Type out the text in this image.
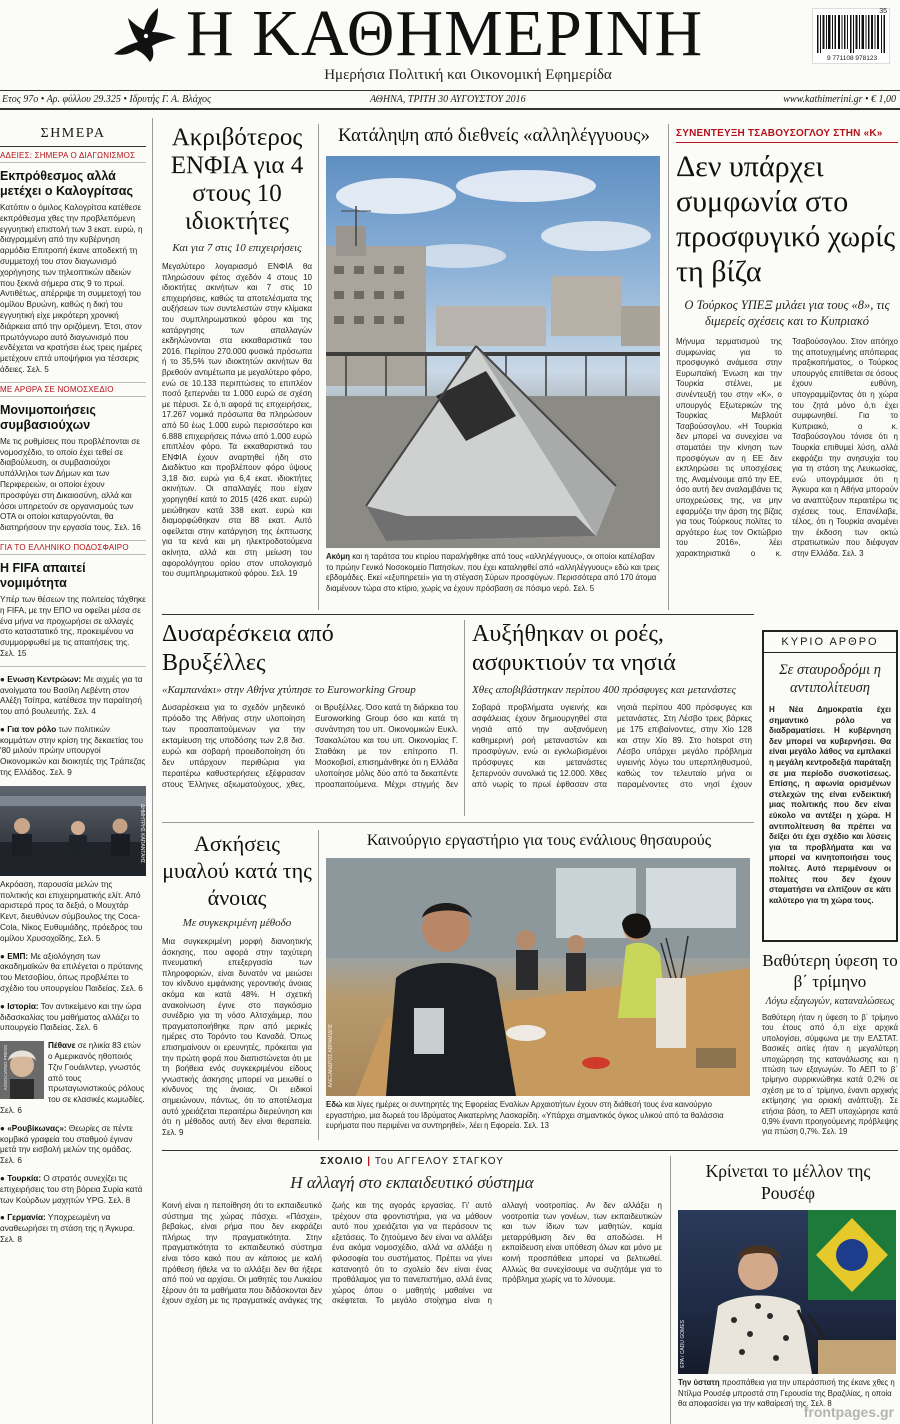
Η ΚΑΘΗΜΕΡΙΝΗ
Ημερήσια Πολιτική και Οικονομική Εφημερίδα
35
9 771108 978123
Ετος 97ο • Αρ. φύλλου 29.325 • Ιδρυτής Γ. Α. Βλάχος	ΑΘΗΝΑ, ΤΡΙΤΗ 30 ΑΥΓΟΥΣΤΟΥ 2016	www.kathimerini.gr • € 1,00
ΣΗΜΕΡΑ
ΑΔΕΙΕΣ: ΣΗΜΕΡΑ Ο ΔΙΑΓΩΝΙΣΜΟΣ
Εκπρόθεσμος αλλά μετέχει ο Καλογρίτσας
Κατόπιν ο όμιλος Καλογρίτσα κατέθεσε εκπρόθεσμα χθες την προβλεπόμενη εγγυητική επιστολή των 3 εκατ. ευρώ, η διαγραμμένη από την κυβέρνηση αρμόδια Επιτροπή έκανε αποδεκτή τη συμμετοχή του στον διαγωνισμό χορήγησης των τηλεοπτικών αδειών που ξεκινά σήμερα στις 9 το πρωί. Αντιθέτως, απέρριψε τη συμμετοχή του ομίλου Βρυώνη, καθώς η δική του εγγυητική είχε μικρότερη χρονική διάρκεια από την οριζόμενη. Έτσι, στον πρωτόγνωρο αυτό διαγωνισμό που ενδέχεται να κρατήσει έως τρεις ημέρες μετέχουν επτά υποψήφιοι για τέσσερις άδειες. Σελ. 5
ΜΕ ΑΡΘΡΑ ΣΕ ΝΟΜΟΣΧΕΔΙΟ
Μονιμοποιήσεις συμβασιούχων
Με τις ρυθμίσεις που προβλέπονται σε νομοσχέδιο, το οποίο έχει τεθεί σε διαβούλευση, οι συμβασιούχοι υπάλληλοι των Δήμων και των Περιφερειών, οι οποίοι έχουν προσφύγει στη Δικαιοσύνη, αλλά και όσοι υπηρετούν σε οργανισμούς των ΟΤΑ οι οποίοι καταργούνται, θα διατηρήσουν την εργασία τους. Σελ. 16
ΓΙΑ ΤΟ ΕΛΛΗΝΙΚΟ ΠΟΔΟΣΦΑΙΡΟ
Η FIFA απαιτεί νομιμότητα
Υπέρ των θέσεων της πολιτείας τάχθηκε η FIFA, με την ΕΠΟ να οφείλει μέσα σε ένα μήνα να προχωρήσει σε αλλαγές στο καταστατικό της, προκειμένου να συμμορφωθεί με τις απαιτήσεις της. Σελ. 15
● Ενωση Κεντρώων: Με αιχμές για τα ανοίγματα του Βασίλη Λεβέντη στον Αλέξη Τσίπρα, κατέθεσε την παραίτησή του από βουλευτής. Σελ. 4
● Για τον ρόλο των πολιτικών κομμάτων στην κρίση της δεκαετίας του '80 μιλούν πρώην υπουργοί Οικονομικών και διοικητές της Τράπεζας της Ελλάδος. Σελ. 9
ΔΗΜΗΤΡΗΣ ΚΑΠΑΝΤΑΗΣ
Ακρόαση, παρουσία μελών της πολιτικής και επιχειρηματικής ελίτ. Από αριστερά προς τα δεξιά, ο Μουχτάρ Κεντ, διευθύνων σύμβουλος της Coca-Cola, Νίκος Ευθυμιάδης, πρόεδρος του ομίλου Χρυσοχοΐδης, Σελ. 5
● ΕΜΠ: Με αξιολόγηση των ακαδημαϊκών θα επιλέγεται ο πρύτανης του Μετσοβίου, όπως προβλέπει το σχέδιο του υπουργείου Παιδείας. Σελ. 6
● Ιστορία: Τον αντικείμενο και την ώρα διδασκαλίας του μαθήματος αλλάζει το υπουργείο Παιδείας. Σελ. 6
ASSOCIATED PRESS	Πέθανε σε ηλικία 83 ετών ο Αμερικανός ηθοποιός Τζιν Γουάιλντερ, γνωστός από τους πρωταγωνιστικούς ρόλους του σε κλασικές κωμωδίες. Σελ. 6
● «Ρουβίκωνας»: Θεωρίες σε πέντε κομβικά γραφεία του σταθμού έγιναν μετά την εισβολή μελών της ομάδας. Σελ. 6
● Τουρκία: Ο στρατός συνεχίζει τις επιχειρήσεις του στη βόρεια Συρία κατά των Κούρδων μαχητών YPG. Σελ. 8
● Γερμανία: Υποχρεωμένη να αναθεωρήσει τη στάση της η Άγκυρα. Σελ. 8
Ακριβότερος ΕΝΦΙΑ για 4 στους 10 ιδιοκτήτες
Και για 7 στις 10 επιχειρήσεις
Μεγαλύτερο λογαριασμό ΕΝΦΙΑ θα πληρώσουν φέτος σχεδόν 4 στους 10 ιδιοκτήτες ακινήτων και 7 στις 10 επιχειρήσεις, καθώς τα αποτελέσματα της αυξήσεων των συντελεστών στην κλίμακα του συμπληρωματικού φόρου και της κατάργησης των απαλλαγών εκδηλώνονται στα εκκαθαριστικά του 2016. Περίπου 270.000 φυσικά πρόσωπα ή το 35,5% των ιδιοκτητών ακινήτων θα βρεθούν αντιμέτωπα με μεγαλύτερο φόρο, ενώ σε 10.133 περιπτώσεις το επιπλέον ποσό ξεπερνάει τα 1.000 ευρώ σε σχέση με πέρυσι. Σε ό,τι αφορά τις επιχειρήσεις, 17.267 νομικά πρόσωπα θα πληρώσουν από 50 έως 1.000 ευρώ περισσότερο και 6.888 επιχειρήσεις πάνω από 1.000 ευρώ επιπλέον φόρο. Τα εκκαθαριστικά του ΕΝΦΙΑ έχουν αναρτηθεί ήδη στο Διαδίκτυο και προβλέπουν φόρο ύψους 3,18 δισ. ευρώ για 6,4 εκατ. ιδιοκτήτες ακινήτων. Οι απαλλαγές που είχαν χορηγηθεί κατά το 2015 (426 εκατ. ευρώ) μειώθηκαν κατά 338 εκατ. ευρώ και διαμορφώθηκαν στα 88 εκατ. Αυτό οφείλεται στην κατάργηση της έκπτωσης για τα κενά και μη ηλεκτροδοτούμενα ακίνητα, αλλά και στη μείωση του αφορολόγητου ορίου στον υπολογισμό του συμπληρωματικού φόρου. Σελ. 19
Κατάληψη από διεθνείς «αλληλέγγυους»
Ακόμη και η ταράτσα του κτιρίου παραλήφθηκε από τους «αλληλέγγυους», οι οποίοι κατέλαβαν το πρώην Γενικό Νοσοκομείο Πατησίων, που έχει καταληφθεί από «αλληλέγγυους» εδώ και τρεις εβδομάδες. Εκεί «εξυπηρετεί» για τη στέγαση Σύρων προσφύγων. Περισσότερα από 170 άτομα διαμένουν τώρα στο κτίριο, χωρίς να έχουν πρόσβαση σε πόσιμο νερό. Σελ. 5
ΣΥΝΕΝΤΕΥΞΗ ΤΣΑΒΟΥΣΟΓΛΟΥ ΣΤΗΝ «Κ»
Δεν υπάρχει συμφωνία στο προσφυγικό χωρίς τη βίζα
Ο Τούρκος ΥΠΕΞ μιλάει για τους «8», τις διμερείς σχέσεις και το Κυπριακό
Μήνυμα τερματισμού της συμφωνίας για το προσφυγικό ανάμεσα στην Ευρωπαϊκή Ένωση και την Τουρκία στέλνει, με συνέντευξή του στην «Κ», ο υπουργός Εξωτερικών της Τουρκίας Μεβλούτ Τσαβούσογλου. «Η Τουρκία δεν μπορεί να συνεχίσει να σταματάει την κίνηση των προσφύγων αν η ΕΕ δεν εκπληρώσει τις υποσχέσεις της. Αναμένουμε από την ΕΕ, όσο αυτή δεν αναλαμβάνει τις υποχρεώσεις της, να μην εφαρμόζει την άρση της βίζας για τους Τούρκους πολίτες το αργότερο έως τον Οκτώβριο του 2016», λέει χαρακτηριστικά ο κ. Τσαβούσογλου. Στον απόηχο της αποτυχημένης απόπειρας πραξικοπήματος, ο Τούρκος υπουργός επιτίθεται σε όσους έχουν ευθύνη, υπογραμμίζοντας ότι η χώρα του ζητά μόνο ό,τι έχει συμφωνηθεί. Για το Κυπριακό, ο κ. Τσαβούσογλου τόνισε ότι η Τουρκία επιθυμεί λύση, αλλά εκφράζει την ανησυχία του για τη στάση της Λευκωσίας, ενώ υπογράμμισε ότι η Άγκυρα και η Αθήνα μπορούν να αναπτύξουν περαιτέρω τις σχέσεις τους. Επανέλαβε, τέλος, ότι η Τουρκία αναμένει την έκδοση των οκτώ στρατιωτικών που διέφυγαν στην Ελλάδα. Σελ. 3
Δυσαρέσκεια από Βρυξέλλες
«Καμπανάκι» στην Αθήνα χτύπησε το Euroworking Group
Δυσαρέσκεια για το σχεδόν μηδενικό πρόοδο της Αθήνας στην υλοποίηση των προαπαιτούμενων για την εκταμίευση της υποδόσης των 2,8 δισ. ευρώ και σοβαρή προειδοποίηση ότι δεν υπάρχουν περιθώρια για περαιτέρω καθυστερήσεις εξέφρασαν στους Έλληνες αξιωματούχους, χθες, οι Βρυξέλλες. Όσο κατά τη διάρκεια του Euroworking Group όσο και κατά τη συνάντηση του υπ. Οικονομικών Ευκλ. Τσακαλώτου και του υπ. Οικονομίας Γ. Σταθάκη με τον επίτροπο Π. Μοσκοβισί, επισημάνθηκε ότι η Ελλάδα υλοποίησε μόλις δύο από τα δεκαπέντε προαπαιτούμενα. Μέχρι στιγμής δεν
Αυξήθηκαν οι ροές, ασφυκτιούν τα νησιά
Χθες αποβιβάστηκαν περίπου 400 πρόσφυγες και μετανάστες
Σοβαρά προβλήματα υγιεινής και ασφάλειας έχουν δημιουργηθεί στα νησιά από την αυξανόμενη καθημερινή ροή μεταναστών και προσφύγων, ενώ οι εγκλωβισμένοι πρόσφυγες και μετανάστες ξεπερνούν συνολικά τις 12.000. Χθες από νωρίς το πρωί έφθασαν στα νησιά περίπου 400 πρόσφυγες και μετανάστες. Στη Λέσβο τρεις βάρκες με 175 επιβαίνοντες, στην Χίο 128 και στην Χίο 89. Στο hotspot στη Λέσβο υπάρχει μεγάλο πρόβλημα υγιεινής λόγω του υπερπληθυσμού, καθώς τον τελευταίο μήνα οι παραμένοντες στο νησί έχουν
ΚΥΡΙΟ ΑΡΘΡΟ
Σε σταυροδρόμι η αντιπολίτευση
Η Νέα Δημοκρατία έχει σημαντικό ρόλο να διαδραματίσει. Η κυβέρνηση δεν μπορεί να κυβερνήσει. Θα είναι μεγάλο λάθος να εμπλακεί η μεγάλη κεντροδεξιά παράταξη σε μια περίοδο συσκοτίσεως. Επίσης, η αφωνία ορισμένων στελεχών της είναι ενδεικτική μιας πολιτικής που δεν είναι εύκολο να αντέξει η χώρα. Η αντιπολίτευση θα πρέπει να δείξει ότι έχει σχέδιο και λύσεις για τα προβλήματα και να μπορεί να κινητοποιήσει τους πολίτες. Αυτό περιμένουν οι πολίτες που δεν έχουν σταματήσει να ελπίζουν σε κάτι καλύτερο για τη χώρα τους.
Ασκήσεις μυαλού κατά της άνοιας
Με συγκεκριμένη μέθοδο
Μια συγκεκριμένη μορφή διανοητικής άσκησης, που αφορά στην ταχύτερη πνευματική επεξεργασία των πληροφοριών, είναι δυνατόν να μειώσει τον κίνδυνο εμφάνισης γεροντικής άνοιας ακόμα και κατά 48%. Η σχετική ανακοίνωση έγινε στο παγκόσμιο συνέδριο για τη νόσο Αλτσχάιμερ, που πραγματοποιήθηκε πριν από μερικές ημέρες στο Τορόντο του Καναδά. Όπως επισημαίνουν οι ερευνητές, πρόκειται για την πρώτη φορά που διαπιστώνεται ότι με τη βοήθεια ενός συγκεκριμένου είδους γνωστικής άσκησης μπορεί να μειωθεί ο κίνδυνος της άνοιας. Οι ειδικοί σημειώνουν, πάντως, ότι το αποτέλεσμα αυτό χρειάζεται περαιτέρω διερεύνηση και ότι η μέθοδος αυτή δεν είναι θεραπεία. Σελ. 9
Καινούργιο εργαστήριο για τους ενάλιους θησαυρούς
ΑΛΕΞΑΝΔΡΟΣ ΑΒΡΑΜΙΔΗΣ
Εδώ και λίγες ημέρες οι συντηρητές της Εφορείας Εναλίων Αρχαιοτήτων έχουν στη διάθεσή τους ένα καινούργιο εργαστήριο, μια δωρεά του Ιδρύματος Αικατερίνης Λασκαρίδη. «Υπάρχει σημαντικός όγκος υλικού από τα θαλάσσια ευρήματα που περιμένει να συντηρηθεί», λέει η Εφορεία. Σελ. 13
Βαθύτερη ύφεση το β΄ τρίμηνο
Λόγω εξαγωγών, καταναλώσεως
Βαθύτερη ήταν η ύφεση το β΄ τρίμηνο του έτους από ό,τι είχε αρχικά υπολογίσει, σύμφωνα με την ΕΛΣΤΑΤ. Βασικές αιτίες ήταν η μεγαλύτερη υποχώρηση της κατανάλωσης και η πτώση των εξαγωγών. Το ΑΕΠ το β΄ τρίμηνο συρρικνώθηκε κατά 0,2% σε σχέση με το α΄ τρίμηνο, έναντι αρχικής εκτίμησης για οριακή ανάπτυξη. Σε ετήσια βάση, το ΑΕΠ υποχώρησε κατά 0,9% έναντι προηγούμενης πρόβλεψης για πτώση 0,7%. Σελ. 19
ΣΧΟΛΙΟ | Του ΑΓΓΕΛΟΥ ΣΤΑΓΚΟΥ
Η αλλαγή στο εκπαιδευτικό σύστημα
Κοινή είναι η πεποίθηση ότι το εκπαιδευτικό σύστημα της χώρας πάσχει. «Πάσχει», βεβαίως, είναι ρήμα που δεν εκφράζει πλήρως την πραγματικότητα. Στην πραγματικότητα το εκπαιδευτικό σύστημα είναι τόσο κακό που αν κάποιος με καλή πρόθεση ήθελε να το αλλάξει δεν θα ήξερε από πού να αρχίσει. Οι μαθητές του Λυκείου ξέρουν ότι τα μαθήματα που διδάσκονται δεν έχουν σχέση με τις πραγματικές ανάγκες της ζωής και της αγοράς εργασίας. Γι' αυτό τρέχουν στα φροντιστήρια, για να μάθουν αυτό που χρειάζεται για να περάσουν τις εξετάσεις. Το ζητούμενο δεν είναι να αλλάξει ένα ακόμα νομοσχέδιο, αλλά να αλλάξει η φιλοσοφία του συστήματος. Πρέπει να γίνει κατανοητό ότι το σχολείο δεν είναι ένας προθάλαμος για το πανεπιστήμιο, αλλά ένας χώρος όπου ο μαθητής μαθαίνει να σκέφτεται. Το μεγάλο στοίχημα είναι η αλλαγή νοοτροπίας. Αν δεν αλλάξει η νοοτροπία των γονέων, των εκπαιδευτικών και των ίδιων των μαθητών, καμία μεταρρύθμιση δεν θα αποδώσει. Η εκπαίδευση είναι υπόθεση όλων και μόνο με κοινή προσπάθεια μπορεί να βελτιωθεί. Αλλιώς θα συνεχίσουμε να συζητάμε για το πρόβλημα χωρίς να το λύνουμε.
Κρίνεται το μέλλον της Ρουσέφ
EPA / CADU GOMES
Την ύστατη προσπάθεια για την υπεράσπισή της έκανε χθες η Ντίλμα Ρουσέφ μπροστά στη Γερουσία της Βραζιλίας, η οποία θα αποφασίσει για την καθαίρεσή της. Σελ. 8
frontpages.gr
